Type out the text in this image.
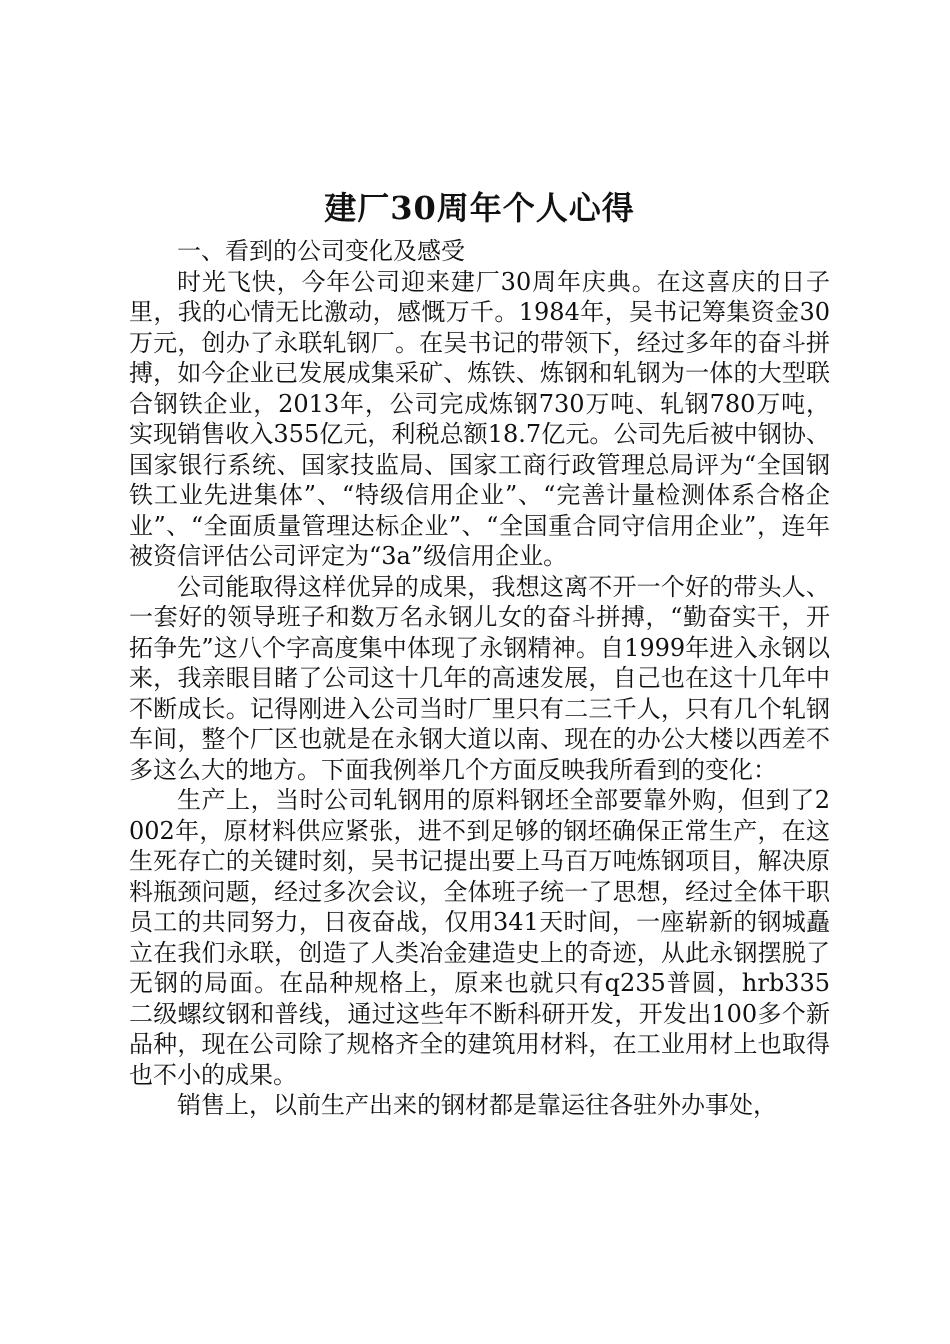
建厂30周年个人心得

一、看到的公司变化及感受

时光飞快，今年公司迎来建厂30周年庆典。在这喜庆的日子里，我的心情无比激动，感慨万千。1984年，吴书记筹集资金30万元，创办了永联轧钢厂。在吴书记的带领下，经过多年的奋斗拼搏，如今企业已发展成集采矿、炼铁、炼钢和轧钢为一体的大型联合钢铁企业，2013年，公司完成炼钢730万吨、轧钢780万吨，实现销售收入355亿元，利税总额18.7亿元。公司先后被中钢协、国家银行系统、国家技监局、国家工商行政管理总局评为“全国钢铁工业先进集体”、“特级信用企业”、“完善计量检测体系合格企业”、“全面质量管理达标企业”、“全国重合同守信用企业”，连年被资信评估公司评定为“3a”级信用企业。

公司能取得这样优异的成果，我想这离不开一个好的带头人、一套好的领导班子和数万名永钢儿女的奋斗拼搏，“勤奋实干，开拓争先”这八个字高度集中体现了永钢精神。自1999年进入永钢以来，我亲眼目睹了公司这十几年的高速发展，自己也在这十几年中不断成长。记得刚进入公司当时厂里只有二三千人，只有几个轧钢车间，整个厂区也就是在永钢大道以南、现在的办公大楼以西差不多这么大的地方。下面我例举几个方面反映我所看到的变化：

生产上，当时公司轧钢用的原料钢坯全部要靠外购，但到了2002年，原材料供应紧张，进不到足够的钢坯确保正常生产，在这生死存亡的关键时刻，吴书记提出要上马百万吨炼钢项目，解决原料瓶颈问题，经过多次会议，全体班子统一了思想，经过全体干职员工的共同努力，日夜奋战，仅用341天时间，一座崭新的钢城矗立在我们永联，创造了人类冶金建造史上的奇迹，从此永钢摆脱了无钢的局面。在品种规格上，原来也就只有q235普圆，hrb335二级螺纹钢和普线，通过这些年不断科研开发，开发出100多个新品种，现在公司除了规格齐全的建筑用材料，在工业用材上也取得也不小的成果。

销售上，以前生产出来的钢材都是靠运往各驻外办事处，
